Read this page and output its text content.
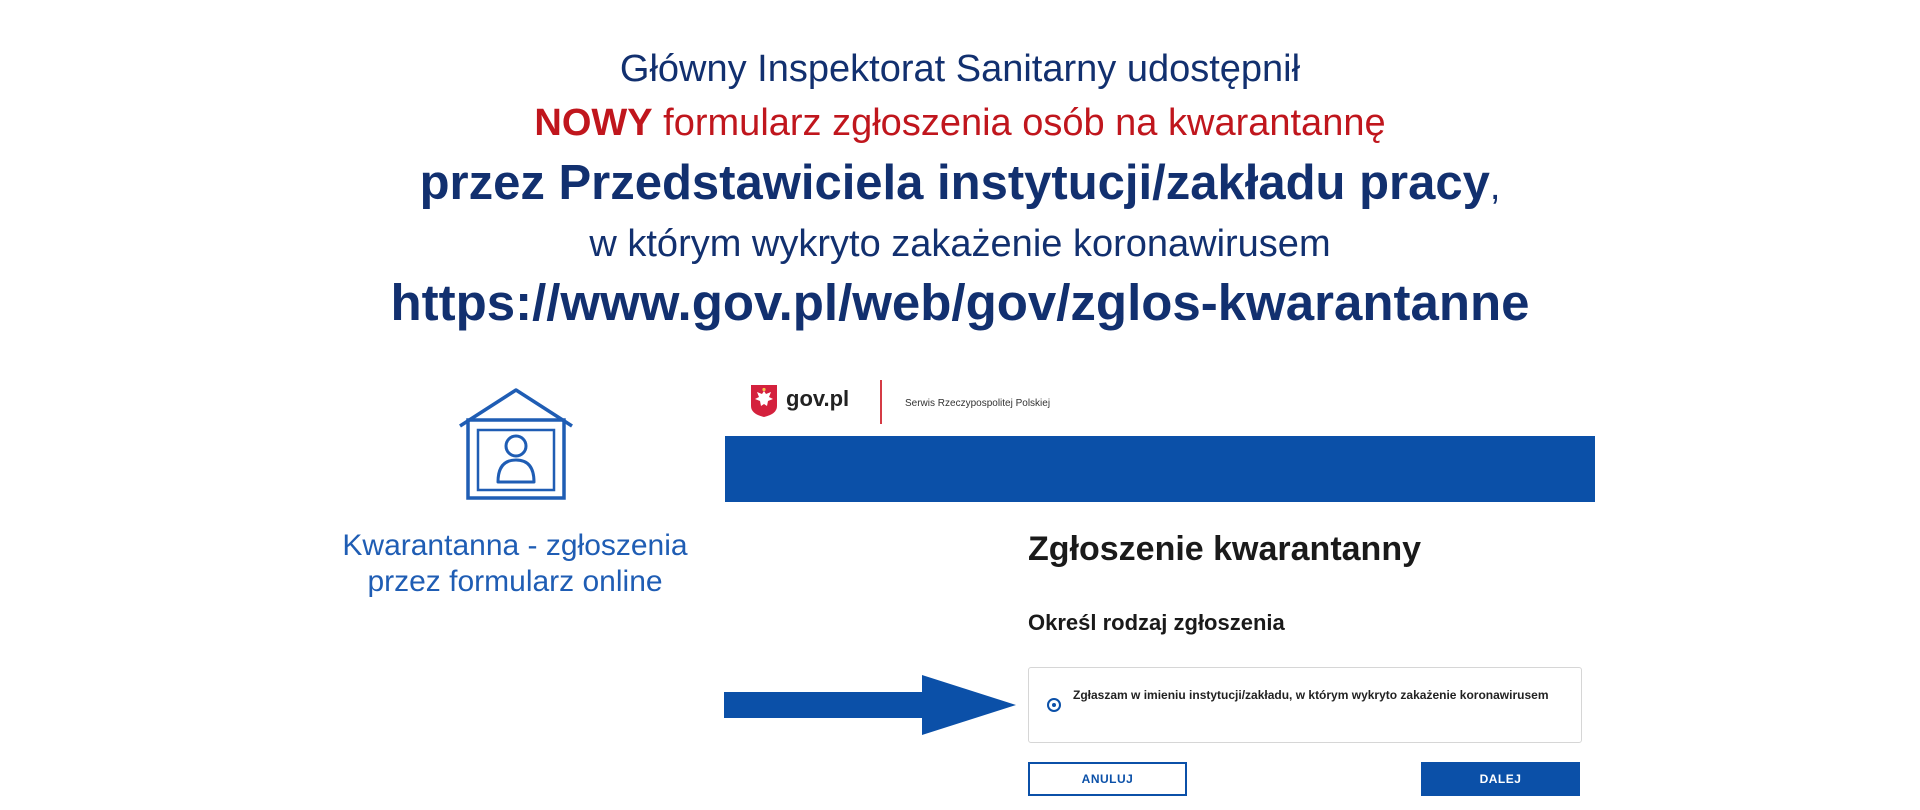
Główny Inspektorat Sanitarny udostępnił
NOWY formularz zgłoszenia osób na kwarantannę
przez Przedstawiciela instytucji/zakładu pracy,
w którym wykryto zakażenie koronawirusem
https://www.gov.pl/web/gov/zglos-kwarantanne
Kwarantanna - zgłoszenia
przez formularz online
gov.pl	Serwis Rzeczypospolitej Polskiej
Zgłoszenie kwarantanny
Określ rodzaj zgłoszenia
Zgłaszam w imieniu instytucji/zakładu, w którym wykryto zakażenie koronawirusem
ANULUJ	DALEJ
